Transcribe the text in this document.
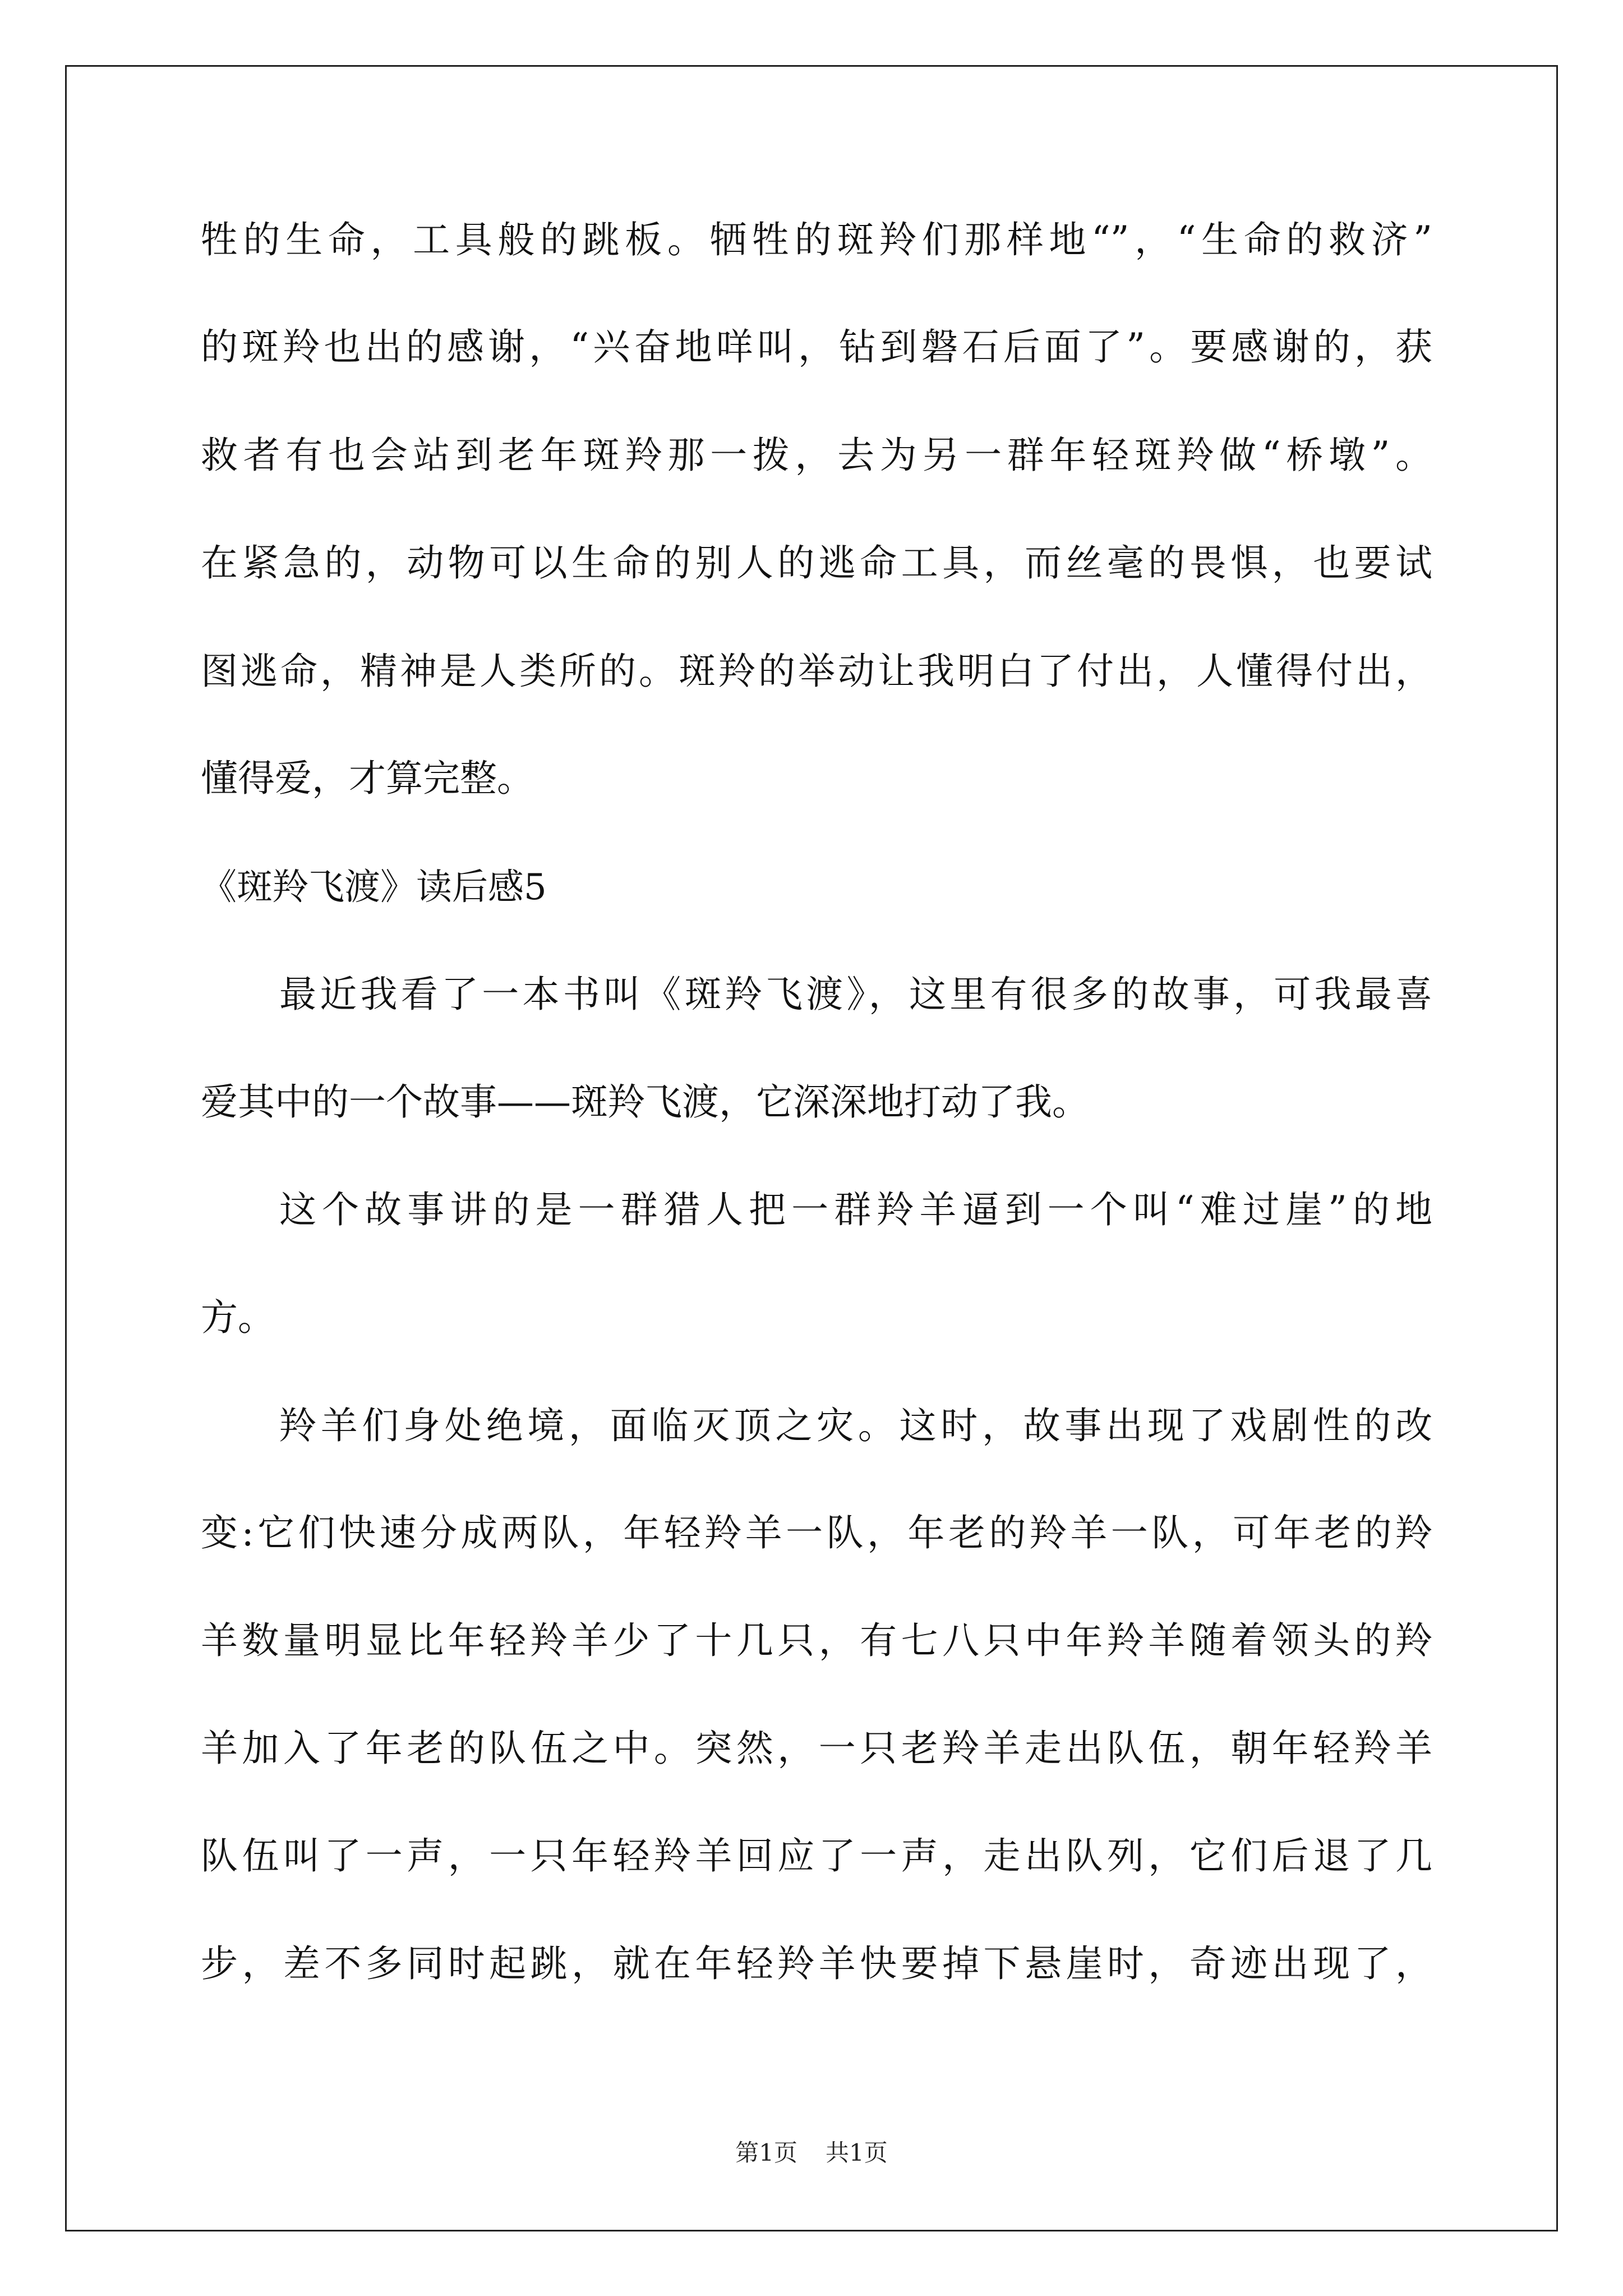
牲的生命，工具般的跳板。牺牲的斑羚们那样地“”，“生命的救济”

的斑羚也出的感谢，“兴奋地咩叫，钻到磐石后面了”。要感谢的，获

救者有也会站到老年斑羚那一拨，去为另一群年轻斑羚做“桥墩”。

在紧急的，动物可以生命的别人的逃命工具，而丝毫的畏惧，也要试

图逃命，精神是人类所的。斑羚的举动让我明白了付出，人懂得付出，

懂得爱，才算完整。

《斑羚飞渡》读后感5

最近我看了一本书叫《斑羚飞渡》，这里有很多的故事，可我最喜

爱其中的一个故事——斑羚飞渡，它深深地打动了我。

这个故事讲的是一群猎人把一群羚羊逼到一个叫“难过崖”的地

方。

羚羊们身处绝境，面临灭顶之灾。这时，故事出现了戏剧性的改

变:它们快速分成两队，年轻羚羊一队，年老的羚羊一队，可年老的羚

羊数量明显比年轻羚羊少了十几只，有七八只中年羚羊随着领头的羚

羊加入了年老的队伍之中。突然，一只老羚羊走出队伍，朝年轻羚羊

队伍叫了一声，一只年轻羚羊回应了一声，走出队列，它们后退了几

步，差不多同时起跳，就在年轻羚羊快要掉下悬崖时，奇迹出现了，

第1页 共1页
